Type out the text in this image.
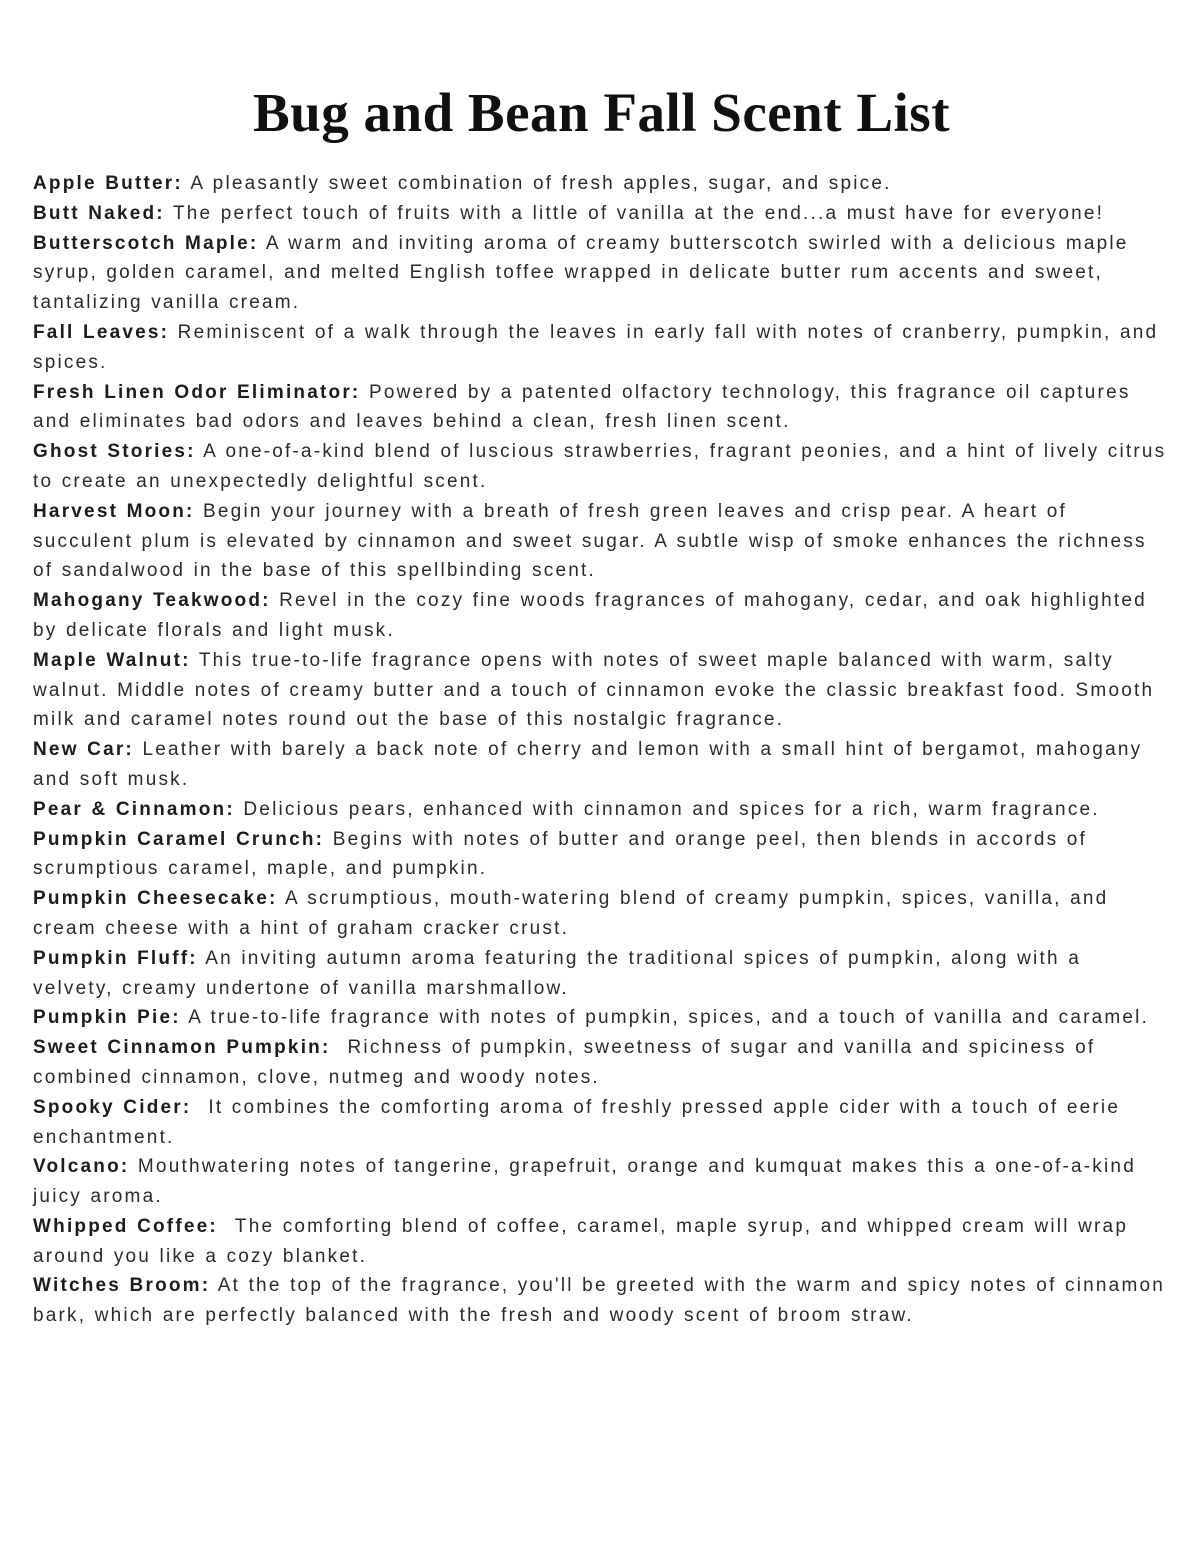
Bug and Bean Fall Scent List

Apple Butter: A pleasantly sweet combination of fresh apples, sugar, and spice.

Butt Naked: The perfect touch of fruits with a little of vanilla at the end...a must have for everyone!

Butterscotch Maple: A warm and inviting aroma of creamy butterscotch swirled with a delicious maple syrup, golden caramel, and melted English toffee wrapped in delicate butter rum accents and sweet, tantalizing vanilla cream.

Fall Leaves: Reminiscent of a walk through the leaves in early fall with notes of cranberry, pumpkin, and spices.

Fresh Linen Odor Eliminator: Powered by a patented olfactory technology, this fragrance oil captures and eliminates bad odors and leaves behind a clean, fresh linen scent.

Ghost Stories: A one-of-a-kind blend of luscious strawberries, fragrant peonies, and a hint of lively citrus to create an unexpectedly delightful scent.

Harvest Moon: Begin your journey with a breath of fresh green leaves and crisp pear. A heart of succulent plum is elevated by cinnamon and sweet sugar. A subtle wisp of smoke enhances the richness of sandalwood in the base of this spellbinding scent.

Mahogany Teakwood: Revel in the cozy fine woods fragrances of mahogany, cedar, and oak highlighted by delicate florals and light musk.

Maple Walnut: This true-to-life fragrance opens with notes of sweet maple balanced with warm, salty walnut. Middle notes of creamy butter and a touch of cinnamon evoke the classic breakfast food. Smooth milk and caramel notes round out the base of this nostalgic fragrance.

New Car: Leather with barely a back note of cherry and lemon with a small hint of bergamot, mahogany and soft musk.

Pear & Cinnamon: Delicious pears, enhanced with cinnamon and spices for a rich, warm fragrance.

Pumpkin Caramel Crunch: Begins with notes of butter and orange peel, then blends in accords of scrumptious caramel, maple, and pumpkin.

Pumpkin Cheesecake: A scrumptious, mouth-watering blend of creamy pumpkin, spices, vanilla, and cream cheese with a hint of graham cracker crust.

Pumpkin Fluff: An inviting autumn aroma featuring the traditional spices of pumpkin, along with a velvety, creamy undertone of vanilla marshmallow.

Pumpkin Pie: A true-to-life fragrance with notes of pumpkin, spices, and a touch of vanilla and caramel.

Sweet Cinnamon Pumpkin:  Richness of pumpkin, sweetness of sugar and vanilla and spiciness of combined cinnamon, clove, nutmeg and woody notes.

Spooky Cider:  It combines the comforting aroma of freshly pressed apple cider with a touch of eerie enchantment.

Volcano: Mouthwatering notes of tangerine, grapefruit, orange and kumquat makes this a one-of-a-kind juicy aroma.

Whipped Coffee:  The comforting blend of coffee, caramel, maple syrup, and whipped cream will wrap around you like a cozy blanket.

Witches Broom: At the top of the fragrance, you'll be greeted with the warm and spicy notes of cinnamon bark, which are perfectly balanced with the fresh and woody scent of broom straw.
